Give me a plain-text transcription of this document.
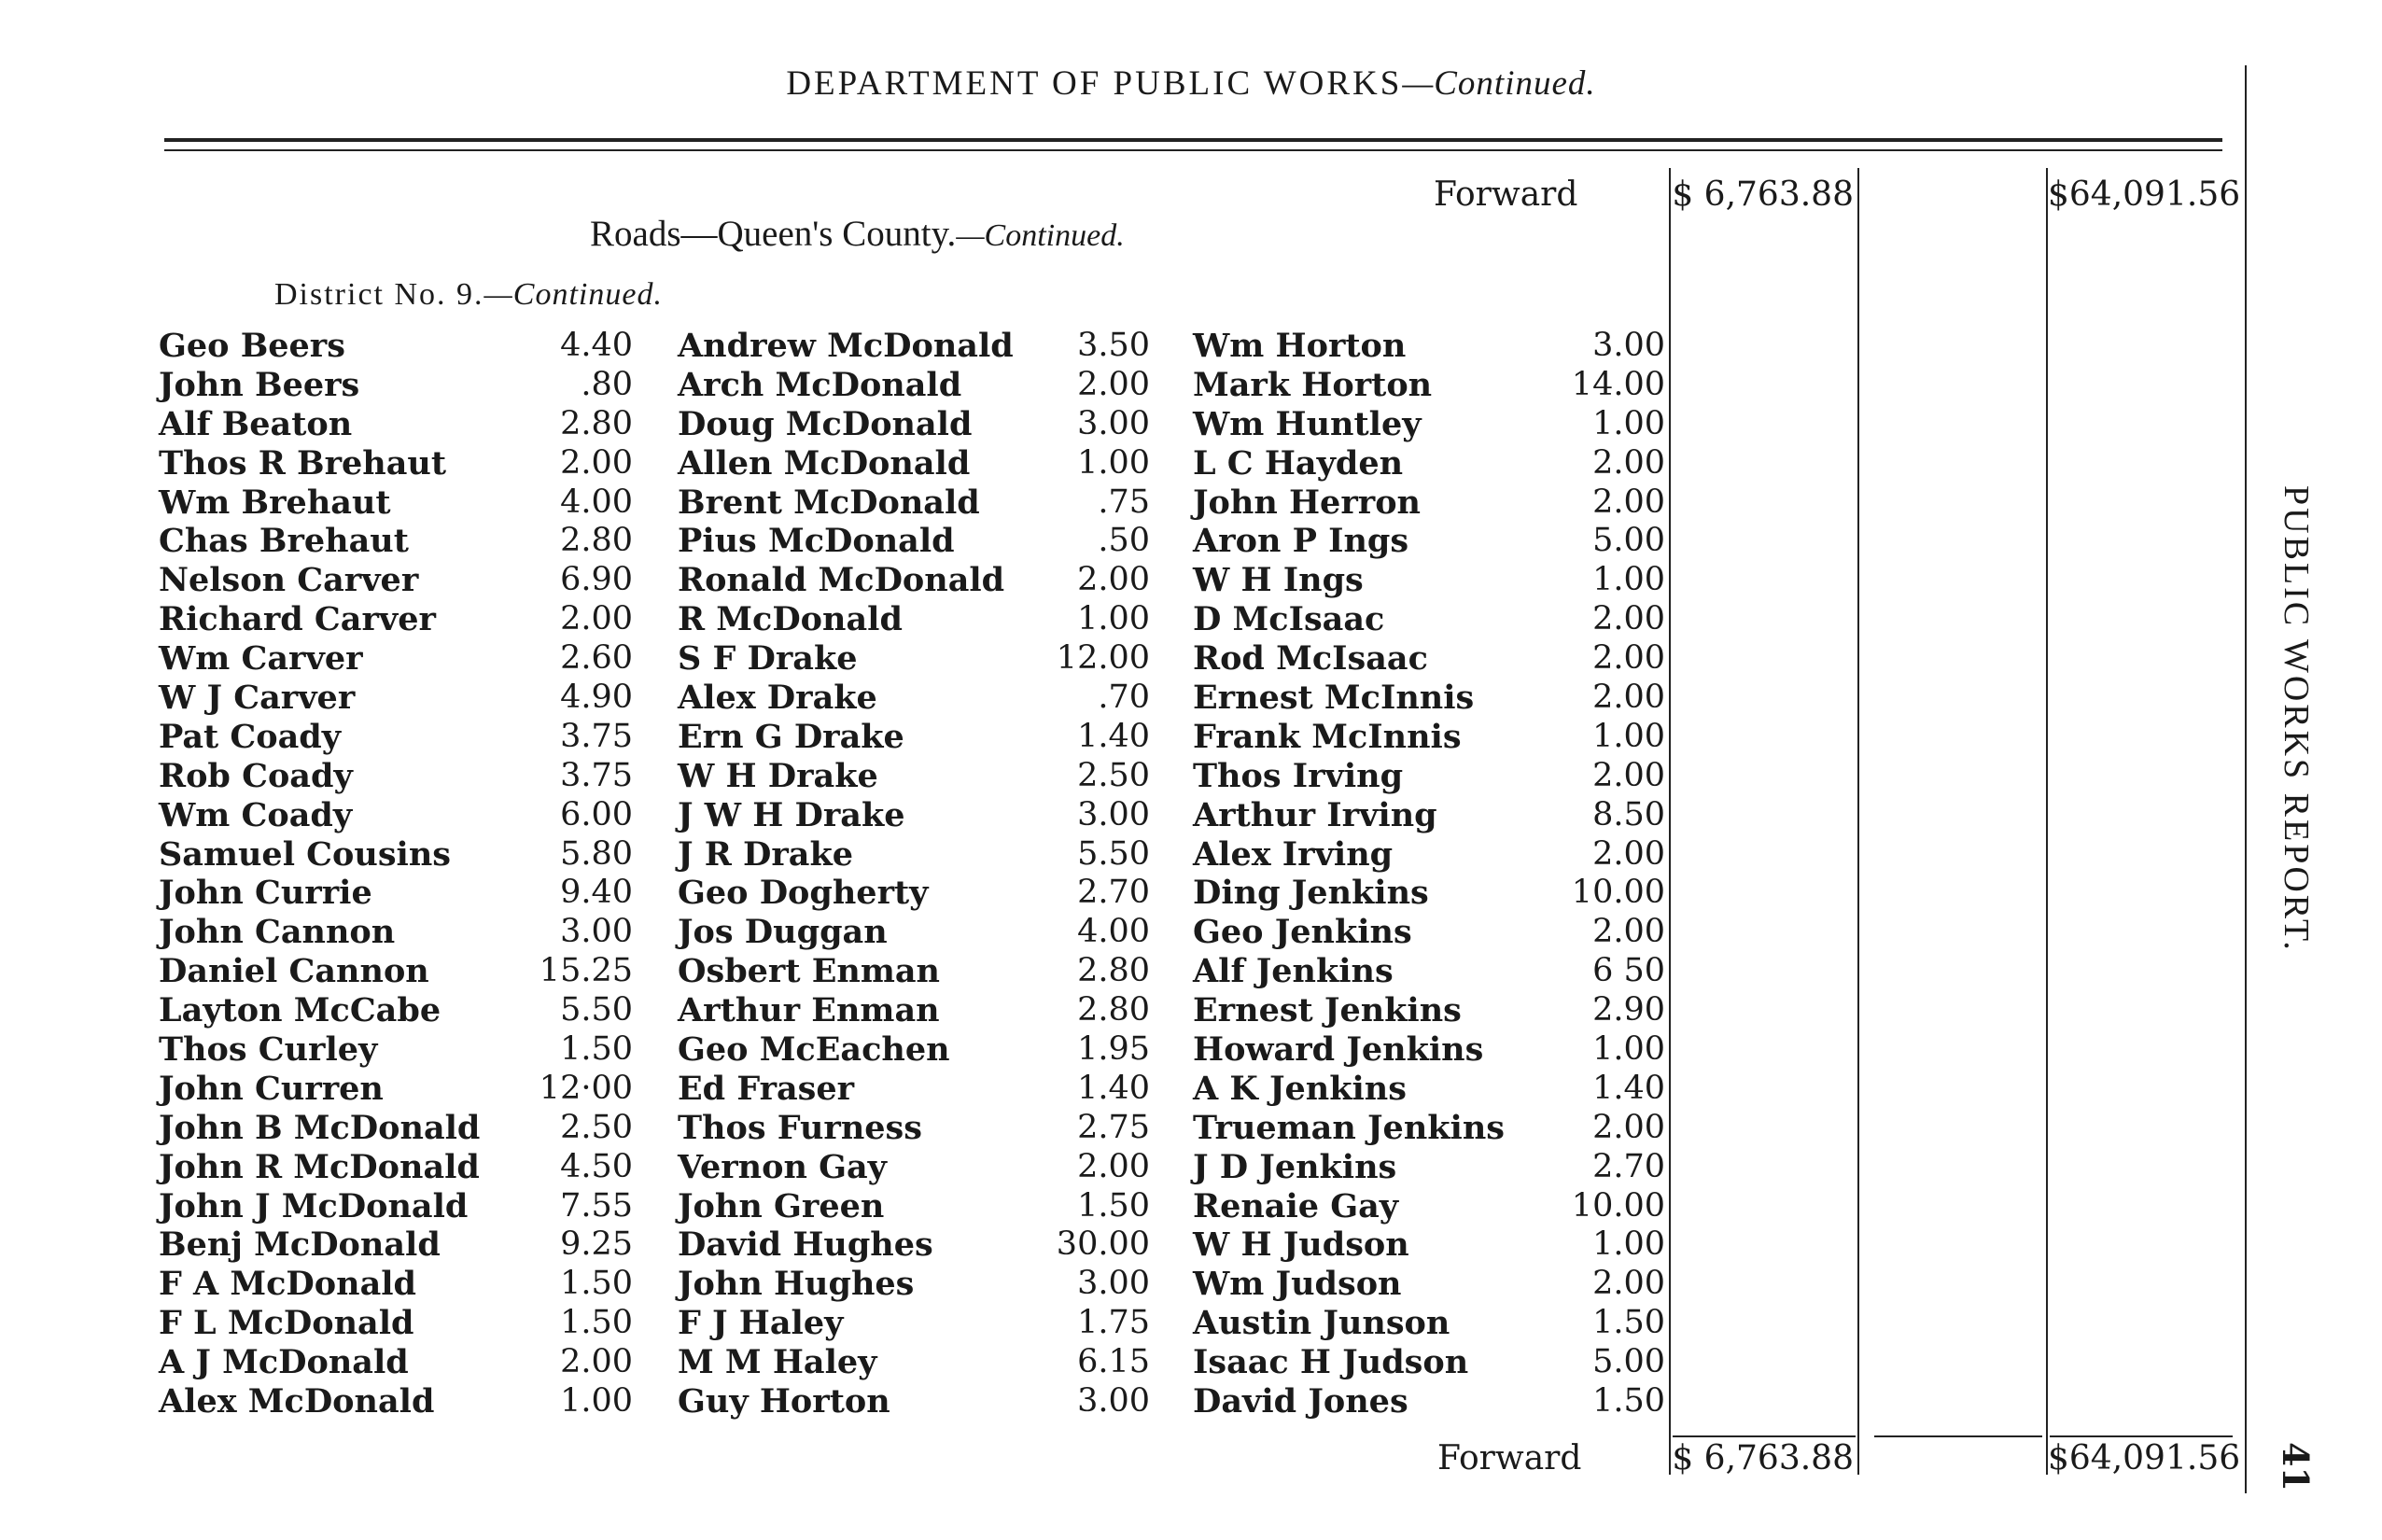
DEPARTMENT OF PUBLIC WORKS—Continued.
Forward	$ 6,763.88	$64,091.56
Roads—Queen's County.—Continued.
District No. 9.—Continued.
Geo Beers	4.40
John Beers	.80
Alf Beaton	2.80
Thos R Brehaut	2.00
Wm Brehaut	4.00
Chas Brehaut	2.80
Nelson Carver	6.90
Richard Carver	2.00
Wm Carver	2.60
W J Carver	4.90
Pat Coady	3.75
Rob Coady	3.75
Wm Coady	6.00
Samuel Cousins	5.80
John Currie	9.40
John Cannon	3.00
Daniel Cannon	15.25
Layton McCabe	5.50
Thos Curley	1.50
John Curren	12·00
John B McDonald 2.50
John R McDonald 4.50
John J McDonald	7.55
Benj McDonald	9.25
F A McDonald	1.50
F L McDonald	1.50
A J McDonald	2.00
Alex McDonald	1.00
Andrew McDonald 3.50
Arch McDonald	2.00
Doug McDonald	3.00
Allen McDonald	1.00
Brent McDonald	.75
Pius McDonald	.50
Ronald McDonald 2.00
R McDonald	1.00
S F Drake	12.00
Alex Drake	.70
Ern G Drake	1.40
W H Drake	2.50
J W H Drake	3.00
J R Drake	5.50
Geo Dogherty	2.70
Jos Duggan	4.00
Osbert Enman	2.80
Arthur Enman	2.80
Geo McEachen	1.95
Ed Fraser	1.40
Thos Furness	2.75
Vernon Gay	2.00
John Green	1.50
David Hughes	30.00
John Hughes	3.00
F J Haley	1.75
M M Haley	6.15
Guy Horton	3.00
Wm Horton	3.00
Mark Horton	14.00
Wm Huntley	1.00
L C Hayden	2.00
John Herron	2.00
Aron P Ings	5.00
W H Ings	1.00
D McIsaac	2.00
Rod McIsaac	2.00
Ernest McInnis	2.00
Frank McInnis	1.00
Thos Irving	2.00
Arthur Irving	8.50
Alex Irving	2.00
Ding Jenkins	10.00
Geo Jenkins	2.00
Alf Jenkins	6 50
Ernest Jenkins	2.90
Howard Jenkins	1.00
A K Jenkins	1.40
Trueman Jenkins	2.00
J D Jenkins	2.70
Renaie Gay	10.00
W H Judson	1.00
Wm Judson	2.00
Austin Junson	1.50
Isaac H Judson	5.00
David Jones	1.50
Forward	$ 6,763.88	$64,091.56
PUBLIC WORKS REPORT.
41
